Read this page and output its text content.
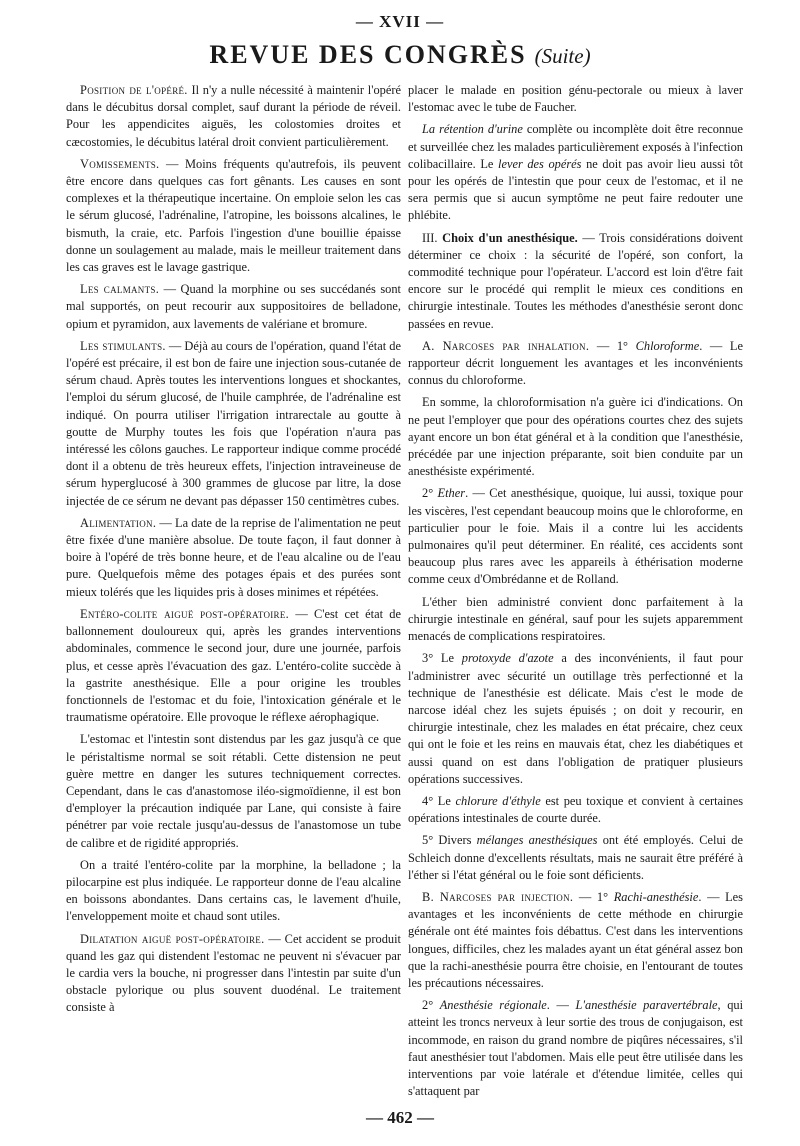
— XVII —
REVUE DES CONGRÈS (Suite)

Position de l'opéré. Il n'y a nulle nécessité à maintenir l'opéré dans le décubitus dorsal complet, sauf durant la période de réveil. Pour les appendicites aiguës, les colostomies droites et cæcostomies, le décubitus latéral droit convient particulièrement.

Vomissements. — Moins fréquents qu'autrefois, ils peuvent être encore dans quelques cas fort gênants. Les causes en sont complexes et la thérapeutique incertaine. On emploie selon les cas le sérum glucosé, l'adrénaline, l'atropine, les boissons alcalines, le bismuth, la craie, etc. Parfois l'ingestion d'une bouillie épaisse donne un soulagement au malade, mais le meilleur traitement dans les cas graves est le lavage gastrique.

Les calmants. — Quand la morphine ou ses succédanés sont mal supportés, on peut recourir aux suppositoires de belladone, opium et pyramidon, aux lavements de valériane et bromure.

Les stimulants. — Déjà au cours de l'opération, quand l'état de l'opéré est précaire, il est bon de faire une injection sous-cutanée de sérum chaud. Après toutes les interventions longues et shockantes, l'emploi du sérum glucosé, de l'huile camphrée, de l'adrénaline est indiqué. On pourra utiliser l'irrigation intrarectale au goutte à goutte de Murphy toutes les fois que l'opération n'aura pas intéressé les côlons gauches. Le rapporteur indique comme procédé dont il a obtenu de très heureux effets, l'injection intraveineuse de sérum hyperglucosé à 300 grammes de glucose par litre, la dose injectée de ce sérum ne devant pas dépasser 150 centimètres cubes.

Alimentation. — La date de la reprise de l'alimentation ne peut être fixée d'une manière absolue. De toute façon, il faut donner à boire à l'opéré de très bonne heure, et de l'eau alcaline ou de l'eau pure. Quelquefois même des potages épais et des purées sont mieux tolérés que les liquides pris à doses minimes et répétées.

Entéro-colite aiguë post-opératoire. — C'est cet état de ballonnement douloureux qui, après les grandes interventions abdominales, commence le second jour, dure une journée, parfois plus, et cesse après l'évacuation des gaz. L'entéro-colite succède à la gastrite anesthésique. Elle a pour origine les troubles fonctionnels de l'estomac et du foie, l'intoxication générale et le traumatisme opératoire. Elle provoque le réflexe aérophagique.

L'estomac et l'intestin sont distendus par les gaz jusqu'à ce que le péristaltisme normal se soit rétabli. Cette distension ne peut guère mettre en danger les sutures techniquement correctes. Cependant, dans le cas d'anastomose iléo-sigmoïdienne, il est bon d'employer la précaution indiquée par Lane, qui consiste à faire pénétrer par voie rectale jusqu'au-dessus de l'anastomose un tube de calibre et de rigidité appropriés.

On a traité l'entéro-colite par la morphine, la belladone ; la pilocarpine est plus indiquée. Le rapporteur donne de l'eau alcaline en boissons abondantes. Dans certains cas, le lavement d'huile, l'enveloppement moite et chaud sont utiles.

Dilatation aiguë post-opératoire. — Cet accident se produit quand les gaz qui distendent l'estomac ne peuvent ni s'évacuer par le cardia vers la bouche, ni progresser dans l'intestin par suite d'un obstacle pylorique ou plus souvent duodénal. Le traitement consiste à

placer le malade en position génu-pectorale ou mieux à laver l'estomac avec le tube de Faucher.

La rétention d'urine complète ou incomplète doit être reconnue et surveillée chez les malades particulièrement exposés à l'infection colibacillaire. Le lever des opérés ne doit pas avoir lieu aussi tôt pour les opérés de l'intestin que pour ceux de l'estomac, et il ne sera permis que si aucun symptôme ne peut faire redouter une phlébite.

III. Choix d'un anesthésique. — Trois considérations doivent déterminer ce choix : la sécurité de l'opéré, son confort, la commodité technique pour l'opérateur. L'accord est loin d'être fait encore sur le procédé qui remplit le mieux ces conditions en chirurgie intestinale. Toutes les méthodes d'anesthésie seront donc passées en revue.

A. Narcoses par inhalation. — 1° Chloroforme. — Le rapporteur décrit longuement les avantages et les inconvénients connus du chloroforme.

En somme, la chloroformisation n'a guère ici d'indications. On ne peut l'employer que pour des opérations courtes chez des sujets ayant encore un bon état général et à la condition que l'anesthésie, précédée par une injection préparante, soit bien conduite par un anesthésiste expérimenté.

2° Ether. — Cet anesthésique, quoique, lui aussi, toxique pour les viscères, l'est cependant beaucoup moins que le chloroforme, en particulier pour le foie. Mais il a contre lui les accidents pulmonaires qu'il peut déterminer. En réalité, ces accidents sont beaucoup plus rares avec les appareils à éthérisation moderne comme ceux d'Ombrédanne et de Rolland.

L'éther bien administré convient donc parfaitement à la chirurgie intestinale en général, sauf pour les sujets apparemment menacés de complications respiratoires.

3° Le protoxyde d'azote a des inconvénients, il faut pour l'administrer avec sécurité un outillage très perfectionné et la technique de l'anesthésie est délicate. Mais c'est le mode de narcose idéal chez les sujets épuisés ; on doit y recourir, en chirurgie intestinale, chez les malades en état précaire, chez ceux qui ont le foie et les reins en mauvais état, chez les diabétiques et aussi quand on est dans l'obligation de pratiquer plusieurs opérations successives.

4° Le chlorure d'éthyle est peu toxique et convient à certaines opérations intestinales de courte durée.

5° Divers mélanges anesthésiques ont été employés. Celui de Schleich donne d'excellents résultats, mais ne saurait être préféré à l'éther si l'état général ou le foie sont déficients.

B. Narcoses par injection. — 1° Rachi-anesthésie. — Les avantages et les inconvénients de cette méthode en chirurgie générale ont été maintes fois débattus. C'est dans les interventions longues, difficiles, chez les malades ayant un état général assez bon que la rachi-anesthésie pourra être choisie, en l'entourant de toutes les précautions nécessaires.

2° Anesthésie régionale. — L'anesthésie paravertébrale, qui atteint les troncs nerveux à leur sortie des trous de conjugaison, est incommode, en raison du grand nombre de piqûres nécessaires, s'il faut anesthésier tout l'abdomen. Mais elle peut être utilisée dans les interventions par voie latérale et d'étendue limitée, celles qui s'attaquent par

— 462 —
